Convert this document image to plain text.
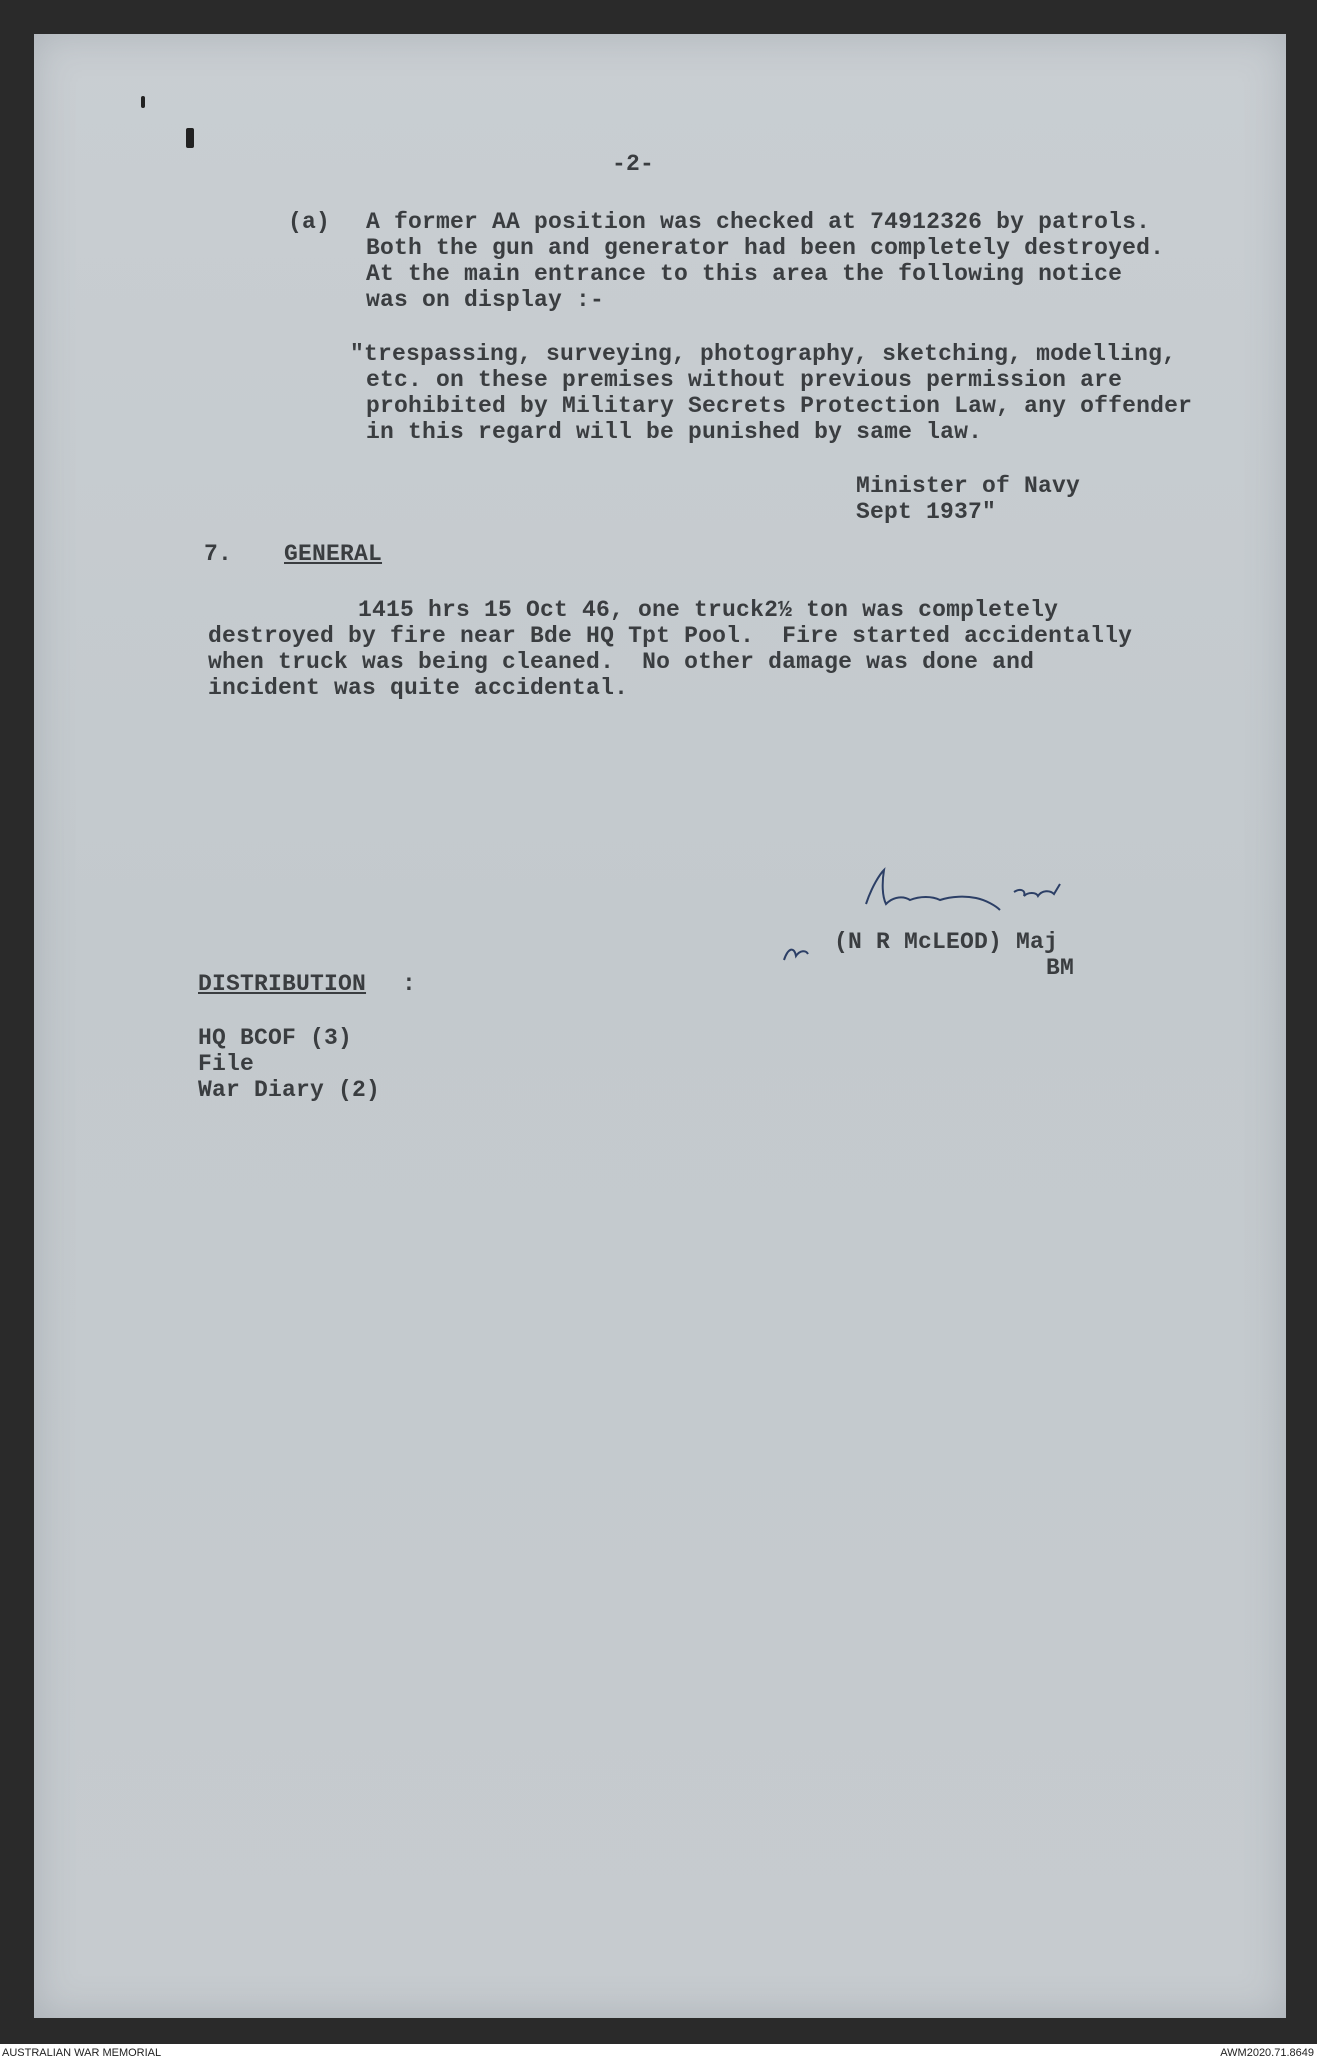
-2-
(a) A former AA position was checked at 74912326 by patrols.
Both the gun and generator had been completely destroyed.
At the main entrance to this area the following notice
was on display :-
"trespassing, surveying, photography, sketching, modelling,
etc. on these premises without previous permission are
prohibited by Military Secrets Protection Law, any offender
in this regard will be punished by same law.
Minister of Navy
Sept 1937"
7. GENERAL
1415 hrs 15 Oct 46, one truck2½ ton was completely
destroyed by fire near Bde HQ Tpt Pool.  Fire started accidentally
when truck was being cleaned.  No other damage was done and
incident was quite accidental.
(N R McLEOD) Maj
BM
DISTRIBUTION :
HQ BCOF (3)
File
War Diary (2)
AUSTRALIAN WAR MEMORIAL	AWM2020.71.8649
